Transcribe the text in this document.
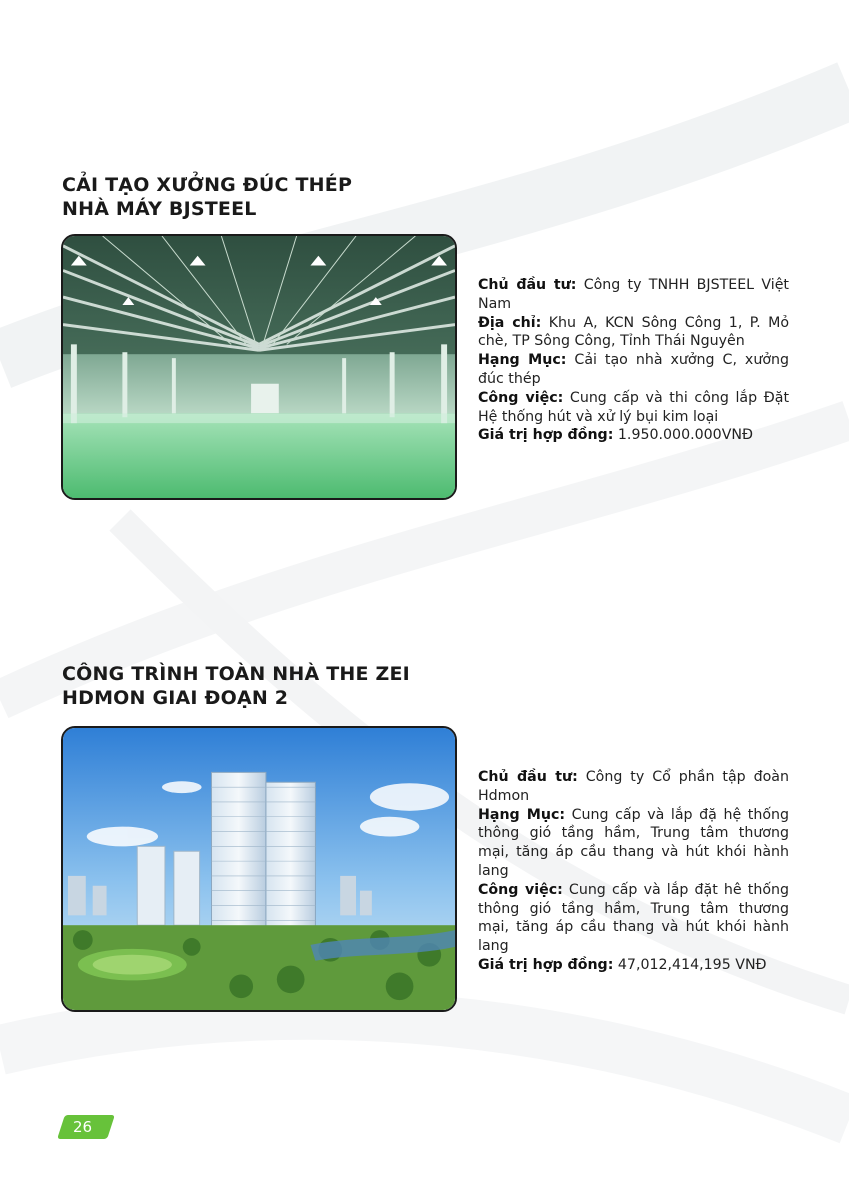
CẢI TẠO XƯỞNG ĐÚC THÉP
NHÀ MÁY BJSTEEL

Chủ đầu tư: Công ty TNHH BJSTEEL Việt Nam

Địa chỉ: Khu A, KCN Sông Công 1, P. Mỏ chè, TP Sông Công, Tỉnh Thái Nguyên

Hạng Mục: Cải tạo nhà xưởng C, xưởng đúc thép

Công việc: Cung cấp và thi công lắp Đặt Hệ thống hút và xử lý bụi kim loại

Giá trị hợp đồng: 1.950.000.000VNĐ

CÔNG TRÌNH TOÀN NHÀ THE ZEI
HDMON GIAI ĐOẠN 2

Chủ đầu tư: Công ty Cổ phần tập đoàn Hdmon

Hạng Mục: Cung cấp và lắp đặ hệ thống thông gió tầng hầm, Trung tâm thương mại, tăng áp cầu thang và hút khói hành lang

Công việc: Cung cấp và lắp đặt hê thống thông gió tầng hầm, Trung tâm thương mại, tăng áp cầu thang và hút khói hành lang

Giá trị hợp đồng: 47,012,414,195 VNĐ

26
